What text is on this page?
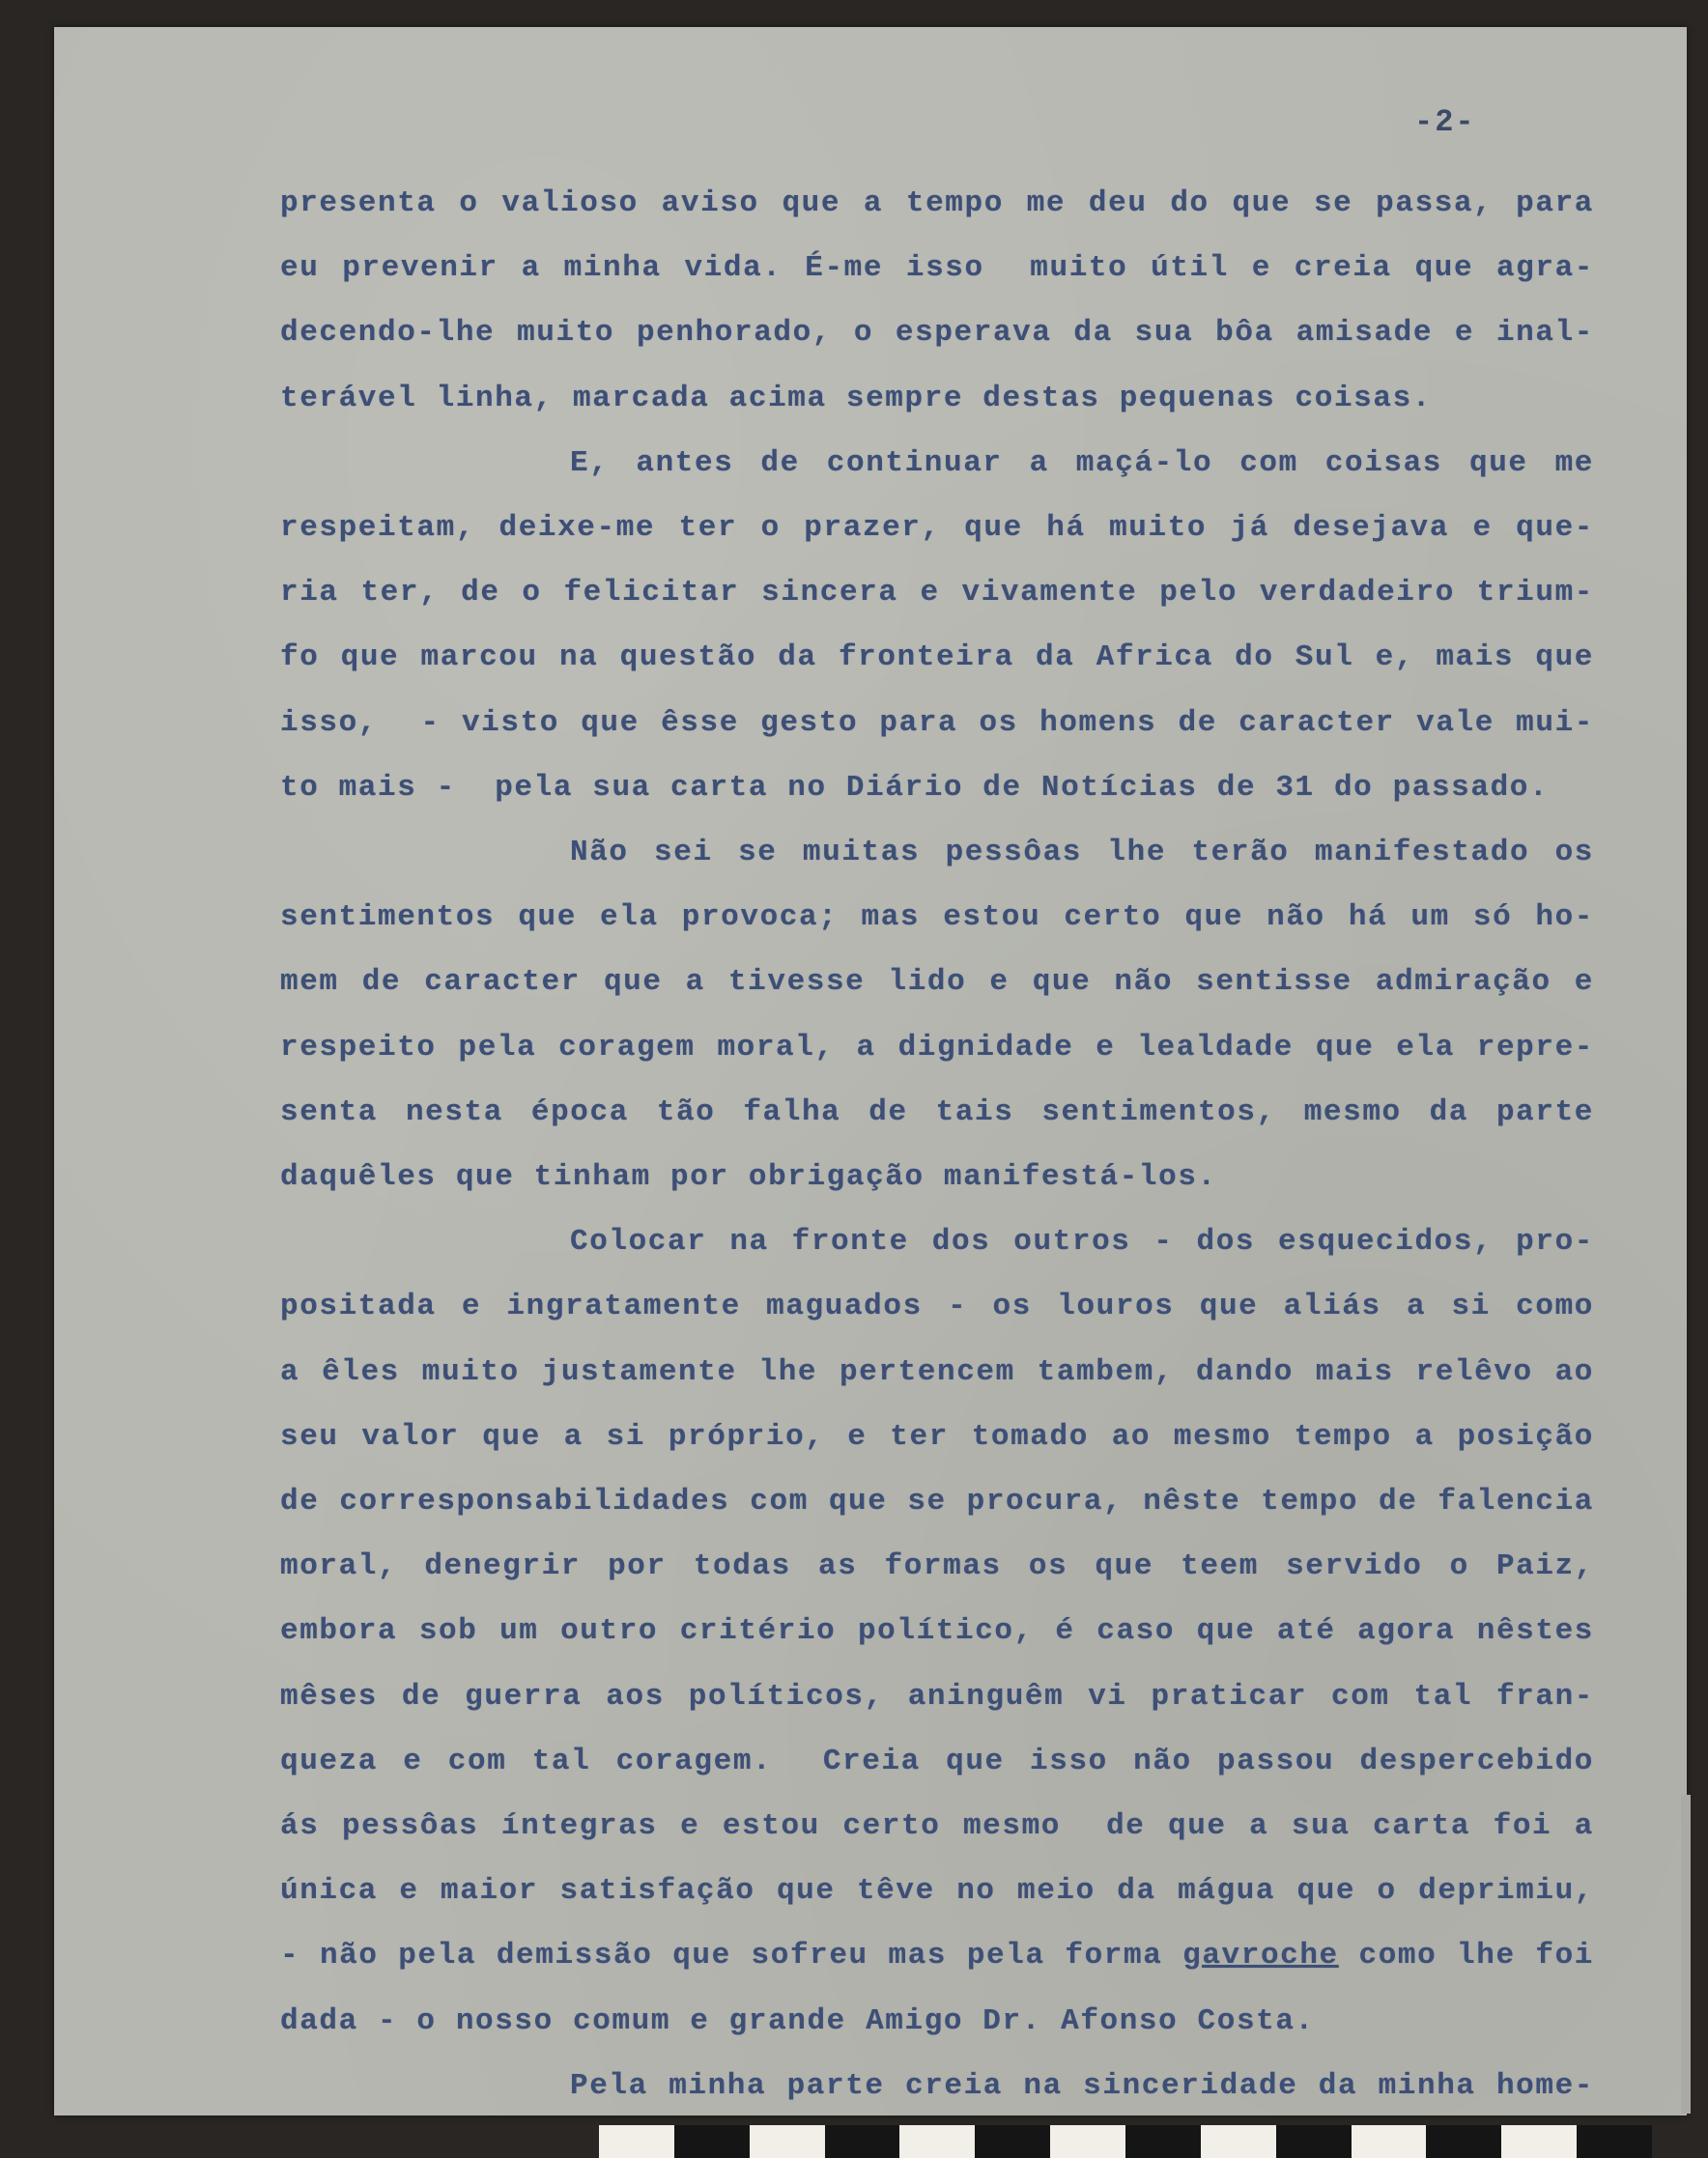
-2-
presenta o valioso aviso que a tempo me deu do que se passa, para
eu prevenir a minha vida. É-me isso  muito útil e creia que agra-
decendo-lhe muito penhorado, o esperava da sua bôa amisade e inal-
terável linha, marcada acima sempre destas pequenas coisas.
E, antes de continuar a maçá-lo com coisas que me
respeitam, deixe-me ter o prazer, que há muito já desejava e que-
ria ter, de o felicitar sincera e vivamente pelo verdadeiro trium-
fo que marcou na questão da fronteira da Africa do Sul e, mais que
isso,  - visto que êsse gesto para os homens de caracter vale mui-
to mais -  pela sua carta no Diário de Notícias de 31 do passado.
Não sei se muitas pessôas lhe terão manifestado os
sentimentos que ela provoca; mas estou certo que não há um só ho-
mem de caracter que a tivesse lido e que não sentisse admiração e
respeito pela coragem moral, a dignidade e lealdade que ela repre-
senta nesta época tão falha de tais sentimentos, mesmo da parte
daquêles que tinham por obrigação manifestá-los.
Colocar na fronte dos outros - dos esquecidos, pro-
positada e ingratamente maguados - os louros que aliás a si como
a êles muito justamente lhe pertencem tambem, dando mais relêvo ao
seu valor que a si próprio, e ter tomado ao mesmo tempo a posição
de corresponsabilidades com que se procura, nêste tempo de falencia
moral, denegrir por todas as formas os que teem servido o Paiz,
embora sob um outro critério político, é caso que até agora nêstes
mêses de guerra aos políticos, aninguêm vi praticar com tal fran-
queza e com tal coragem.  Creia que isso não passou despercebido
ás pessôas íntegras e estou certo mesmo  de que a sua carta foi a
única e maior satisfação que têve no meio da mágua que o deprimiu,
- não pela demissão que sofreu mas pela forma gavroche como lhe foi
dada - o nosso comum e grande Amigo Dr. Afonso Costa.
Pela minha parte creia na sinceridade da minha home-
